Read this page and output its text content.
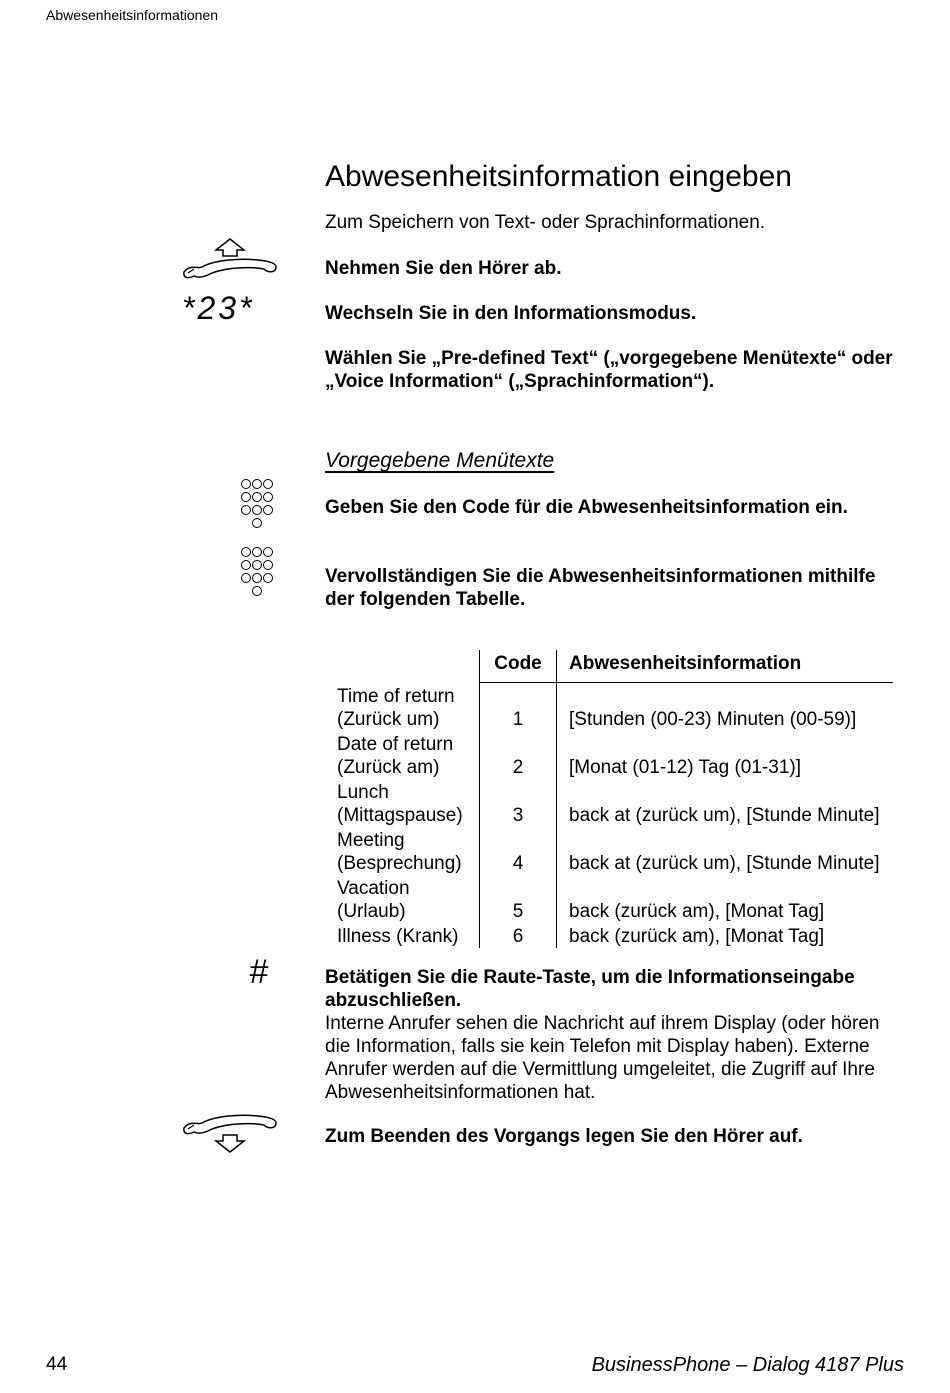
Abwesenheitsinformationen
Abwesenheitsinformation eingeben
Zum Speichern von Text- oder Sprachinformationen.
Nehmen Sie den Hörer ab.
*23*	Wechseln Sie in den Informationsmodus.
Wählen Sie „Pre-defined Text“ („vorgegebene Menütexte“ oder „Voice Information“ („Sprachinformation“).
Vorgegebene Menütexte
Geben Sie den Code für die Abwesenheitsinformation ein.
Vervollständigen Sie die Abwesenheitsinformationen mithilfe der folgenden Tabelle.
	Code	Abwesenheitsinformation

Time of return
(Zurück um)	1	[Stunden (00-23) Minuten (00-59)]

Date of return
(Zurück am)	2	[Monat (01-12) Tag (01-31)]

Lunch
(Mittagspause)	3	back at (zurück um), [Stunde Minute]

Meeting
(Besprechung)	4	back at (zurück um), [Stunde Minute]

Vacation
(Urlaub)	5	back (zurück am), [Monat Tag]
Illness (Krank)	6	back (zurück am), [Monat Tag]
#	Betätigen Sie die Raute-Taste, um die Informationseingabe abzuschließen.
Interne Anrufer sehen die Nachricht auf ihrem Display (oder hören die Information, falls sie kein Telefon mit Display haben). Externe Anrufer werden auf die Vermittlung umgeleitet, die Zugriff auf Ihre Abwesenheitsinformationen hat.
Zum Beenden des Vorgangs legen Sie den Hörer auf.
44	BusinessPhone – Dialog 4187 Plus
